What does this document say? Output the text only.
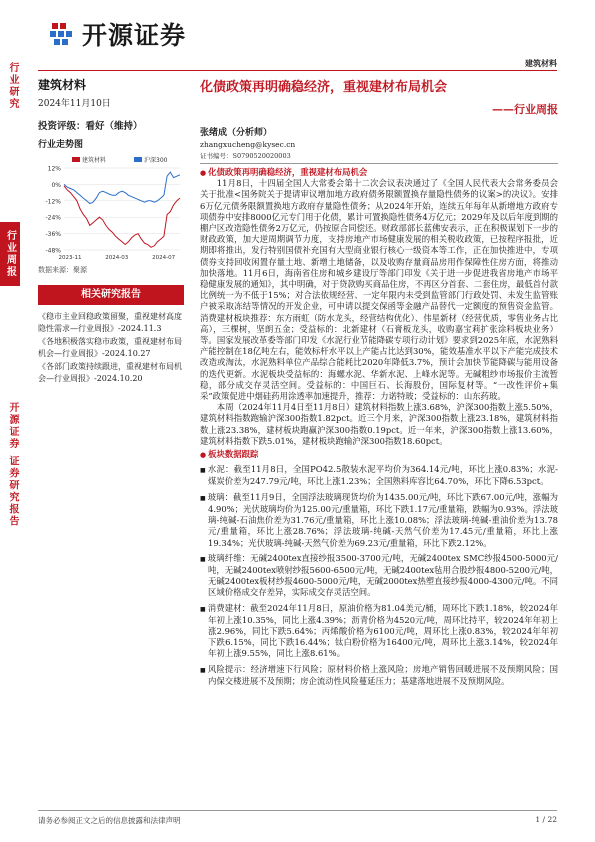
行业研究
行业周报
开源证券 证券研究报告
开源证券
建筑材料
建筑材料
2024年11月10日
投资评级：看好（维持）
行业走势图
12%
0%
-12%
-24%
-36%
-48%
2023-11	2024-03	2024-07
建筑材料	沪深300
数据来源：聚源
相关研究报告
《稳市主业回稳政策留聚，重视建材高度隐性需求—行业周报》-2024.11.3
《各地积极落实稳市政策，重视建材布局机会—行业周报》-2024.10.27
《各部门政策持续跟进，重视建材布局机会—行业周报》-2024.10.20
化债政策再明确稳经济，重视建材布局机会
——行业周报
张绪成（分析师）
zhangxucheng@kysec.cn
证书编号：S0790520020003
● 化债政策再明确稳经济，重视建材布局机会
11月8日，十四届全国人大常委会第十二次会议表决通过了《全国人民代表大会常务委员会关于批准<国务院关于提请审议增加地方政府债务限额置换存量隐性债务的议案>的决议》。安排6万亿元债务限额置换地方政府存量隐性债务；从2024年开始，连续五年每年从新增地方政府专项债券中安排8000亿元专门用于化债，累计可置换隐性债务4万亿元；2029年及以后年度到期的棚户区改造隐性债务2万亿元，仍按原合同偿还。财政部部长蓝佛安表示，正在积极谋划下一步的财政政策，加大逆周期调节力度，支持房地产市场健康发展的相关税收政策，已按程序报批，近期即将推出，发行特别国债补充国有大型商业银行核心一级资本等工作，正在加快推进中，专项债券支持回收闲置存量土地、新增土地储备，以及收购存量商品房用作保障性住房方面，将推动加快落地。11月6日，海南省住房和城乡建设厅等部门印发《关于进一步促进我省房地产市场平稳健康发展的通知》，其中明确，对于贷款购买商品住房，不再区分首套、二套住房，最低首付款比例统一为不低于15%；对合法依规经营、一定年限内未受到监管部门行政处罚、未发生监管账户被采取冻结等情况的开发企业，可申请以提交保函等金融产品替代一定额度的预售资金监管。消费建材板块推荐：东方雨虹（防水龙头，经营结构优化）、伟星新材（经营优质，零售业务占比高），三棵树，坚朗五金；受益标的：北新建材（石膏板龙头，收购嘉宝莉扩张涂料板块业务）等。国家发展改革委等部门印发《水泥行业节能降碳专项行动计划》要求到2025年底，水泥熟料产能控制在18亿吨左右，能效标杆水平以上产能占比达到30%，能效基准水平以下产能完成技术改造或淘汰，水泥熟料单位产品综合能耗比2020年降低3.7%，预计会加快节能降碳与能用设备的迭代更新。水泥板块受益标的：海螺水泥、华新水泥、上峰水泥等。无碱粗纱市场报价主流暂稳，部分成交存灵活空间。受益标的：中国巨石、长海股份，国际复材等。“一改性评价+集采”政策促进中烟硅药用涂透率加速提升，推荐：力诺特玻；受益标的：山东药玻。
本周（2024年11月4日至11月8日）建筑材料指数上涨3.68%，沪深300指数上涨5.50%，建筑材料指数跑输沪深300指数1.82pct。近三个月来，沪深300指数上涨23.18%，建筑材料指数上涨23.38%，建材板块跑赢沪深300指数0.19pct。近一年来，沪深300指数上涨13.60%，建筑材料指数下跌5.01%，建材板块跑输沪深300指数18.60pct。
● 板块数据跟踪
■ 水泥：截至11月8日，全国PO42.5散装水泥平均价为364.14元/吨，环比上涨0.83%；水泥-煤炭价差为247.79元/吨，环比上涨1.23%；全国熟料库容比64.70%，环比下降6.53pct。
■ 玻璃：截至11月9日，全国浮法玻璃现货均价为1435.00元/吨，环比下跌67.00元/吨，涨幅为4.90%；光伏玻璃均价为125.00元/重量箱，环比下跌1.17元/重量箱，跌幅为0.93%。浮法玻璃-纯碱-石油焦价差为31.76元/重量箱，环比上涨10.08%；浮法玻璃-纯碱-重油价差为13.78元/重量箱，环比上涨28.76%；浮法玻璃-纯碱-天然气价差为17.45元/重量箱，环比上涨19.34%；光伏玻璃-纯碱-天然气价差为69.23元/重量箱，环比下跌2.12%。
■ 玻璃纤维：无碱2400tex直接纱报3500-3700元/吨，无碱2400tex SMC纱报4500-5000元/吨，无碱2400tex喷射纱报5600-6500元/吨，无碱2400tex毡用合股纱报4800-5200元/吨，无碱2400tex板材纱报4600-5000元/吨，无碱2000tex热塑直接纱报4000-4300元/吨。不同区域价格成交存差异，实际成交存灵活空间。
■ 消费建材：截至2024年11月8日，原油价格为81.04美元/桶，周环比下跌1.18%，较2024年年初上涨10.35%，同比上涨4.39%；沥青价格为4520元/吨，周环比持平，较2024年年初上涨2.96%，同比下跌5.64%；丙烯酸价格为6100元/吨，周环比上涨0.83%，较2024年年初下跌6.15%，同比下跌16.44%；钛白粉价格为16400元/吨，周环比上涨3.14%，较2024年年初上涨9.55%，同比上涨8.61%。
■ 风险提示：经济增速下行风险；原材料价格上涨风险；房地产销售回暖进展不及预期风险；国内保交楼进展不及预期；房企流动性风险蔓延压力；基建落地进展不及预期风险。
请务必参阅正文之后的信息披露和法律声明	1 / 22
